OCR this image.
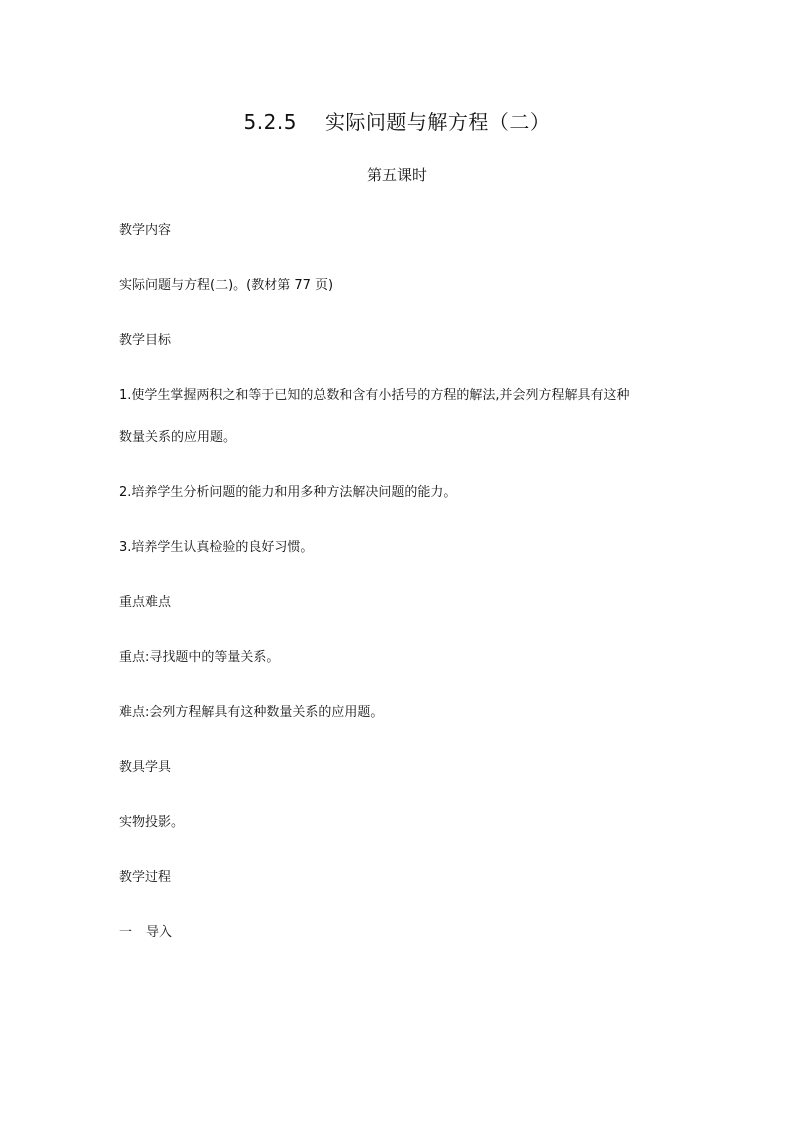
5.2.5 实际问题与解方程（二）
第五课时
教学内容
实际问题与方程(二)。(教材第 77 页)
教学目标
1.使学生掌握两积之和等于已知的总数和含有小括号的方程的解法,并会列方程解具有这种
数量关系的应用题。
2.培养学生分析问题的能力和用多种方法解决问题的能力。
3.培养学生认真检验的良好习惯。
重点难点
重点:寻找题中的等量关系。
难点:会列方程解具有这种数量关系的应用题。
教具学具
实物投影。
教学过程
一 导入
